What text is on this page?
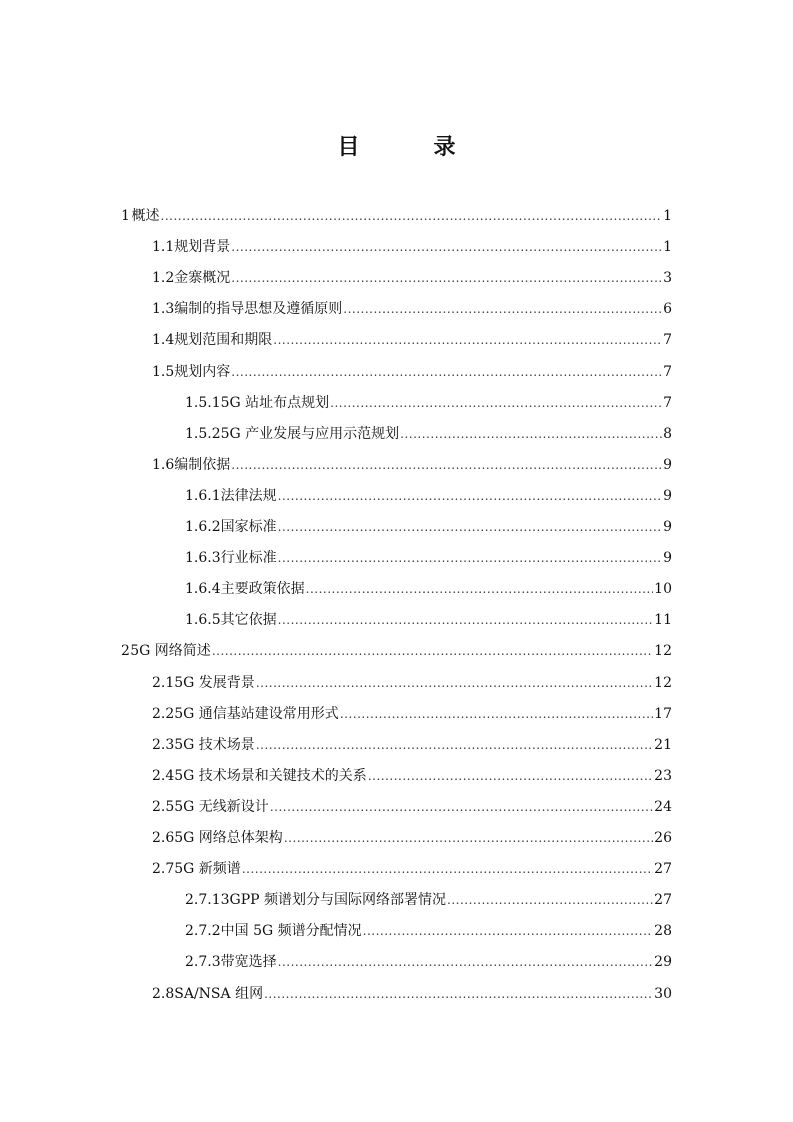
目　录
1 概述 .....	1
1.1 规划背景 .....	1
1.2 金寨概况 .....	3
1.3 编制的指导思想及遵循原则 .....	6
1.4 规划范围和期限 .....	7
1.5 规划内容 .....	7
1.5.1 5G 站址布点规划 .....	7
1.5.2 5G 产业发展与应用示范规划 .....	8
1.6 编制依据 .....	9
1.6.1 法律法规 .....	9
1.6.2 国家标准 .....	9
1.6.3 行业标准 .....	9
1.6.4 主要政策依据 .....	10
1.6.5 其它依据 .....	11
2 5G 网络简述 .....	12
2.1 5G 发展背景 .....	12
2.2 5G 通信基站建设常用形式 .....	17
2.3 5G 技术场景 .....	21
2.4 5G 技术场景和关键技术的关系 .....	23
2.5 5G 无线新设计 .....	24
2.6 5G 网络总体架构 .....	26
2.7 5G 新频谱 .....	27
2.7.1 3GPP 频谱划分与国际网络部署情况 .....	27
2.7.2 中国 5G 频谱分配情况 .....	28
2.7.3 带宽选择 .....	29
2.8 SA/NSA 组网 .....	30
